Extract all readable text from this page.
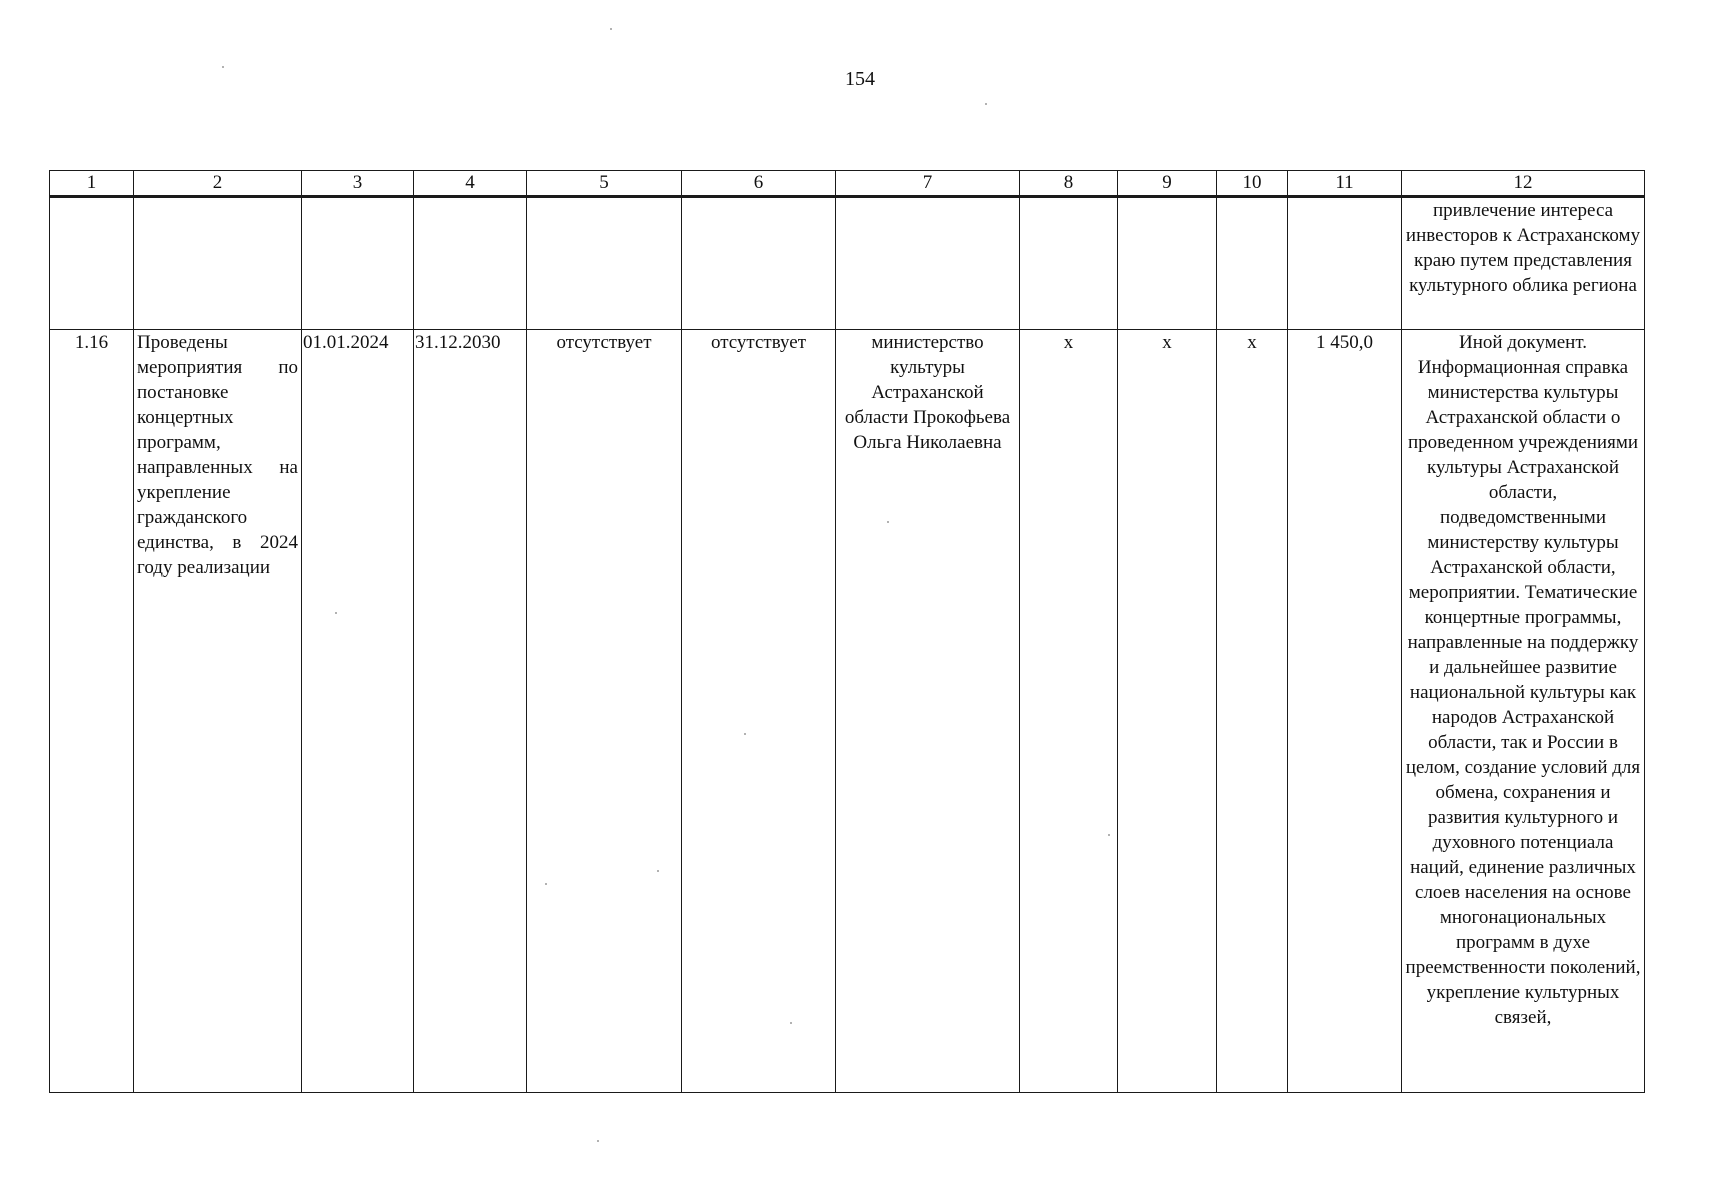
154
1	2	3	4	5	6	7	8	9	10	11	12
											привлечение интереса инвесторов к Астраханскому краю путем представления культурного облика региона
1.16	Проведены мероприятия по постановке концертных программ, направленных на укрепление гражданского единства, в 2024 году реализации	01.01.2024	31.12.2030	отсутствует	отсутствует	министерство культуры Астраханской области Прокофьева Ольга Николаевна	x	x	x	1 450,0	Иной документ. Информационная справка министерства культуры Астраханской области о проведенном учреждениями культуры Астраханской области, подведомственными министерству культуры Астраханской области, мероприятии. Тематические концертные программы, направленные на поддержку и дальнейшее развитие национальной культуры как народов Астраханской области, так и России в целом, создание условий для обмена, сохранения и развития культурного и духовного потенциала наций, единение различных слоев населения на основе многонациональных программ в духе преемственности поколений, укрепление культурных связей,
